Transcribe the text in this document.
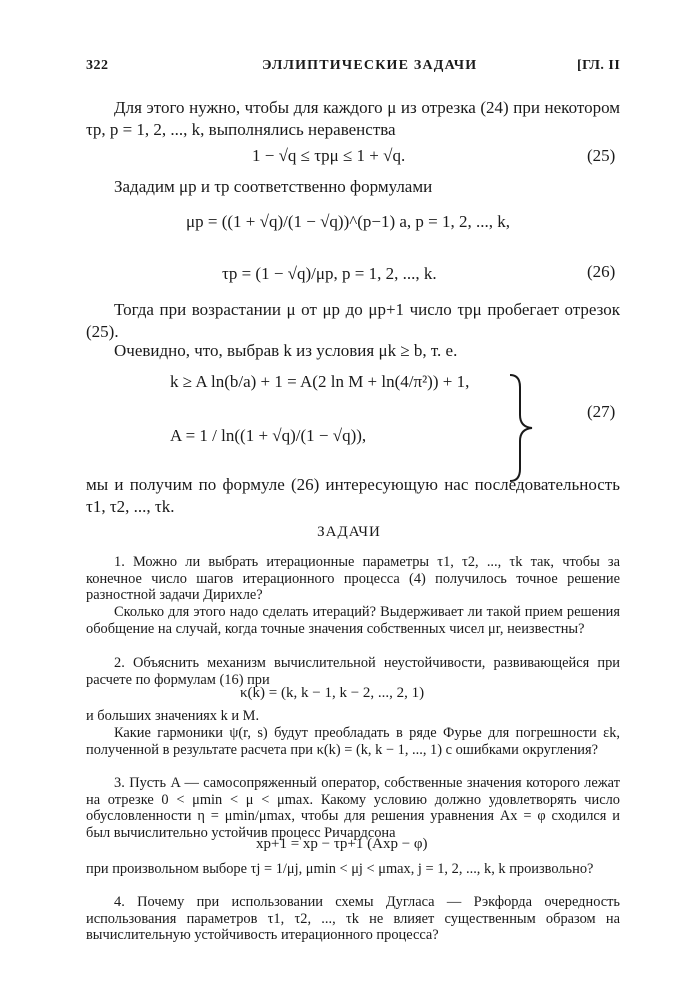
322	ЭЛЛИПТИЧЕСКИЕ ЗАДАЧИ	[ГЛ. II
Для этого нужно, чтобы для каждого μ из отрезка (24) при некотором τp, p = 1, 2, ..., k, выполнялись неравенства
1 − √q ≤ τpμ ≤ 1 + √q.	(25)
Зададим μp и τp соответственно формулами
μp = ((1 + √q)/(1 − √q))^(p−1) a, p = 1, 2, ..., k,
τp = (1 − √q)/μp, p = 1, 2, ..., k.	(26)
Тогда при возрастании μ от μp до μp+1 число τpμ пробегает отрезок (25).
Очевидно, что, выбрав k из условия μk ≥ b, т. е.
k ≥ A ln(b/a) + 1 = A(2 ln M + ln(4/π²)) + 1,
A = 1 / ln((1 + √q)/(1 − √q)),
(27)
мы и получим по формуле (26) интересующую нас последовательность τ1, τ2, ..., τk.
ЗАДАЧИ
1. Можно ли выбрать итерационные параметры τ1, τ2, ..., τk так, чтобы за конечное число шагов итерационного процесса (4) получилось точное решение разностной задачи Дирихле?
Сколько для этого надо сделать итераций? Выдерживает ли такой прием решения обобщение на случай, когда точные значения собственных чисел μr, неизвестны?
2. Объяснить механизм вычислительной неустойчивости, развивающейся при расчете по формулам (16) при
κ(k) = (k, k − 1, k − 2, ..., 2, 1)
и больших значениях k и M.
Какие гармоники ψ(r, s) будут преобладать в ряде Фурье для погрешности εk, полученной в результате расчета при κ(k) = (k, k − 1, ..., 1) с ошибками округления?
3. Пусть A — самосопряженный оператор, собственные значения которого лежат на отрезке 0 < μmin < μ < μmax. Какому условию должно удовлетворять число обусловленности η = μmin/μmax, чтобы для решения уравнения Ax = φ сходился и был вычислительно устойчив процесс Ричардсона
xp+1 = xp − τp+1 (Axp − φ)
при произвольном выборе τj = 1/μj, μmin < μj < μmax, j = 1, 2, ..., k, k произвольно?
4. Почему при использовании схемы Дугласа — Рэкфорда очередность использования параметров τ1, τ2, ..., τk не влияет существенным образом на вычислительную устойчивость итерационного процесса?
